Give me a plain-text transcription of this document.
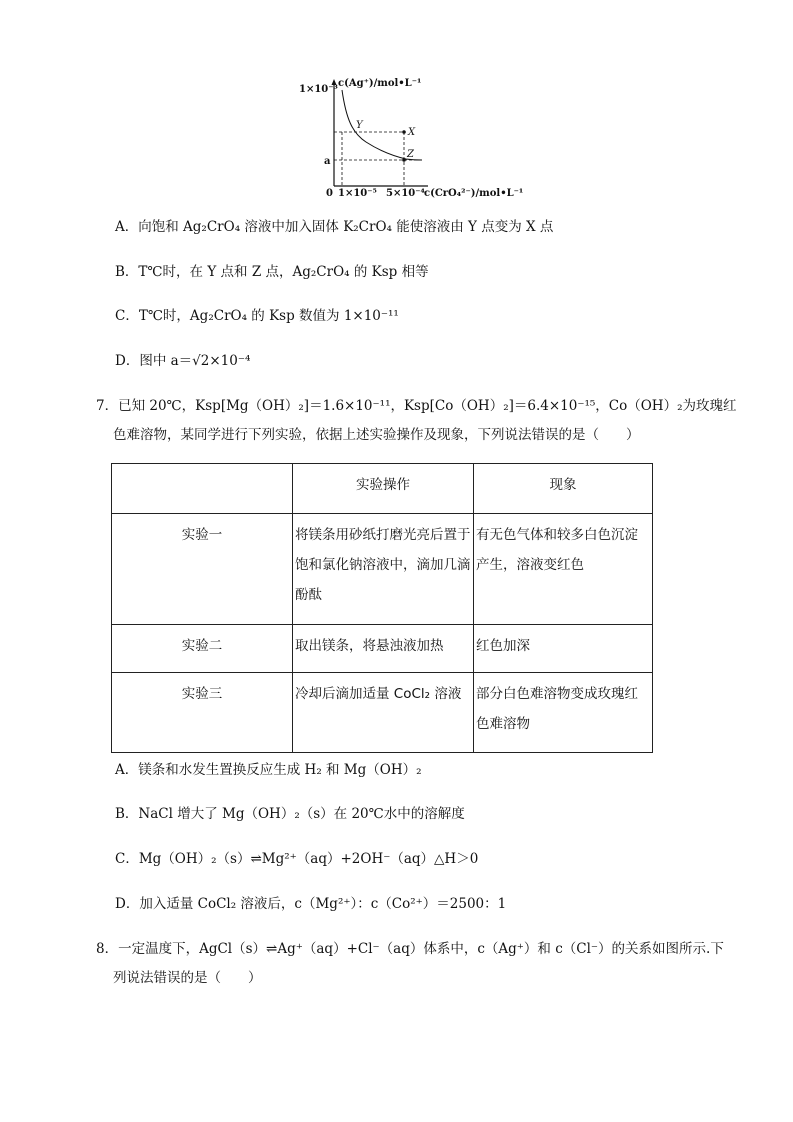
1×10⁻³
c(Ag⁺)/mol•L⁻¹
a
0 1×10⁻⁵ 5×10⁻⁴ c(CrO₄²⁻)/mol•L⁻¹
Y
X
Z
A．向饱和 Ag₂CrO₄ 溶液中加入固体 K₂CrO₄ 能使溶液由 Y 点变为 X 点
B．T℃时，在 Y 点和 Z 点，Ag₂CrO₄ 的 Ksp 相等
C．T℃时，Ag₂CrO₄ 的 Ksp 数值为 1×10⁻¹¹
D．图中 a＝√2×10⁻⁴
7．已知 20℃，Ksp[Mg（OH）₂]＝1.6×10⁻¹¹，Ksp[Co（OH）₂]＝6.4×10⁻¹⁵，Co（OH）₂为玫瑰红
色难溶物，某同学进行下列实验，依据上述实验操作及现象，下列说法错误的是（　　）
	实验操作	现象
实验一	将镁条用砂纸打磨光亮后置于饱和氯化钠溶液中，滴加几滴酚酞	有无色气体和较多白色沉淀产生，溶液变红色
实验二	取出镁条，将悬浊液加热	红色加深
实验三	冷却后滴加适量 CoCl₂ 溶液	部分白色难溶物变成玫瑰红色难溶物
A．镁条和水发生置换反应生成 H₂ 和 Mg（OH）₂
B．NaCl 增大了 Mg（OH）₂（s）在 20℃水中的溶解度
C．Mg（OH）₂（s）⇌Mg²⁺（aq）+2OH⁻（aq）△H＞0
D．加入适量 CoCl₂ 溶液后，c（Mg²⁺）：c（Co²⁺）＝2500：1
8．一定温度下，AgCl（s）⇌Ag⁺（aq）+Cl⁻（aq）体系中，c（Ag⁺）和 c（Cl⁻）的关系如图所示.下
列说法错误的是（　　）
